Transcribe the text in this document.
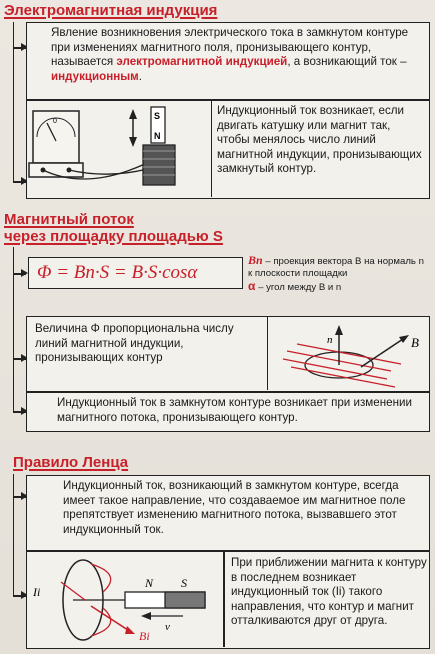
Электромагнитная индукция
Явление возникновения электрического тока в замкнутом контуре при изменениях магнитного поля, пронизывающего контур, называется электромагнитной индукцией, а возникающий ток – индукционным.
0
S
N
Индукционный ток возникает, если двигать катушку или магнит так, чтобы менялось число линий магнитной индукции, пронизывающих замкнутый контур.
Магнитный поток
через площадку площадью S
Φ = Bn·S = B·S·cosα
Bn – проекция вектора B на нормаль n к плоскости площадки
α – угол между B и n
Величина Φ пропорциональна числу линий магнитной индукции, пронизывающих контур
n	B
Индукционный ток в замкнутом контуре возникает при изменении магнитного потока, пронизывающего контур.
Правило Ленца
Индукционный ток, возникающий в замкнутом контуре, всегда имеет такое направление, что создаваемое им магнитное поле препятствует изменению магнитного потока, вызвавшего этот индукционный ток.
N S
v
Ii
Bi
При приближении магнита к контуру в последнем возникает индукционный ток (Ii) такого направления, что контур и магнит отталкиваются друг от друга.
